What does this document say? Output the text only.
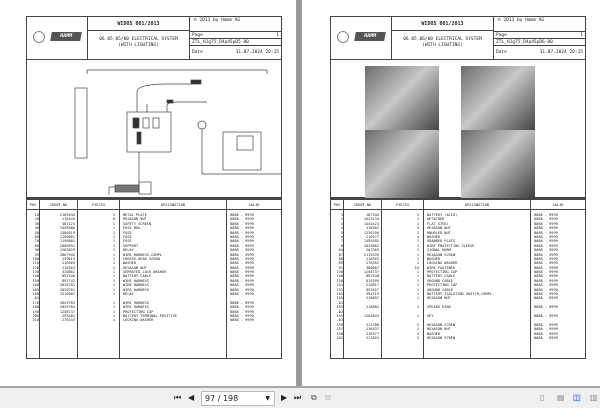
HAMM
WIDOS 001/2013
06.05.05/00 ELECTRICAL SYSTEM
(WITH LIGHTING)
© 2013 by Hamm AG
Page	1
ZTL_HJg75_D4pd5pD5-00
Date	31.07.2024 20:15
POS	IDENT-NO	PIECES	DESIGNATION	VALID
10	2109430	1	METAL PLATE	0088 - 9999
20	216445	6	HEXAGON NUT	0088 - 9999
30	387123	1	SAFETY SCREEN	0088 - 9999
40	1356986	1	FUSE BOX	0088 - 9999
50	1380519	1	FUSE	0088 - 9999
60	1190881	1	FUSE	0088 - 9999
70	1190881	1	FUSE	0088 - 9999
80	2009691	1	SUPPORT	0088 - 9999
90	1269829	1	RELAY	0088 - 9999
93	2067945	1	WIRE HARNESS,COMPL.	0088 - 9999
100	239615	1	CHEESE-HEAD SCREW	0088 - 9999
110	216569	1	WASHER	0088 - 9999
120	216563	1	HEXAGON NUT	0088 - 9999
130	320862	1	SERRATED LOCK WASHER	0088 - 9999
140	892548	1	BATTERY CABLE	0088 - 9999
150	892742	1	WIRE HARNESS	0088 - 9999
160	2029781	1	WIRE HARNESS	0088 - 9999
165	2029781	1	WIRE HARNESS	0088 - 9999
168	1210887	1	RELAY	0088 - 9999
.01
170	2029783	1	WIRE HARNESS	0088 - 9999
180	2029784	1	WIRE HARNESS	0088 - 9999
190	1258737	1	PROTECTING CAP	0088 - 9999
200	293481	1	BATTERY TERMINAL POSITIVE	0088 - 9999
210	276143	1	LOCKING WASHER	0088 - 9999
HAMM
WIDOS 001/2013
06.05.06/00 ELECTRICAL SYSTEM
(WITH LIGHTING)
© 2013 by Hamm AG
Page	1
ZTL_HJg75_D4pd5pD6-00
Date	31.07.2024 20:15
POS	IDENT-NO	PIECES	DESIGNATION	VALID
1	187330	1	BATTERY (ACID)	0088 - 9999
2	1623134	2	DETACHER	0088 - 9999
3	1445424	1	FLAT STEEL	0088 - 9999
4	216562	3	HEXAGON NUT	0088 - 9999
5	1236250	2	KNURLED NUT	0088 - 9999
6	216577	4	WASHER	0088 - 9999
7	1459392	1	GRABBED PLATE	0088 - 9999
8	2043862	1	WIRE PROTECTING SLEEVE	0088 - 9999
84	207365	1	SIGNAL HORN	0088 - 9999
87	2119339	1	HEXAGON SCREW	0088 - 9999
88	216583	1	WASHER	0088 - 9999
89	276352	1	LOCKING WASHER	0088 - 9999
91	380687	10	WIRE FASTENER	0088 - 9999
130	1258737	1	PROTECTING CAP	0088 - 9999
140	892548	1	BATTERY CABLE	0088 - 9999
150	819395	1	GROUND CABLE	0088 - 9999
151	216817	2	PROTECTING CAP	0088 - 9999
152	852627	1	GROUND CABLE	0088 - 9999
155	394319	1	BATTERY ISOLATING SWITCH,COMPL.	0088 - 9999
155	216097	1	HEXAGON NUT	0088 - 9999
.01
155	216682	1	SPRING RING	0088 - 9999
.02
155	1203844	1	KEY	0088 - 9999
.03
156	213780	2	HEXAGON SCREW	0088 - 9999
157	216437	2	HEXAGON NUT	0088 - 9999
158	216577	4	WASHER	0088 - 9999
161	213853	3	HEXAGON SCREW	0088 - 9999
⏮ ◀	97 / 198	▼ ▶ ⏭ ⧉ ⧉	▯ ▤ ◫ ▥
